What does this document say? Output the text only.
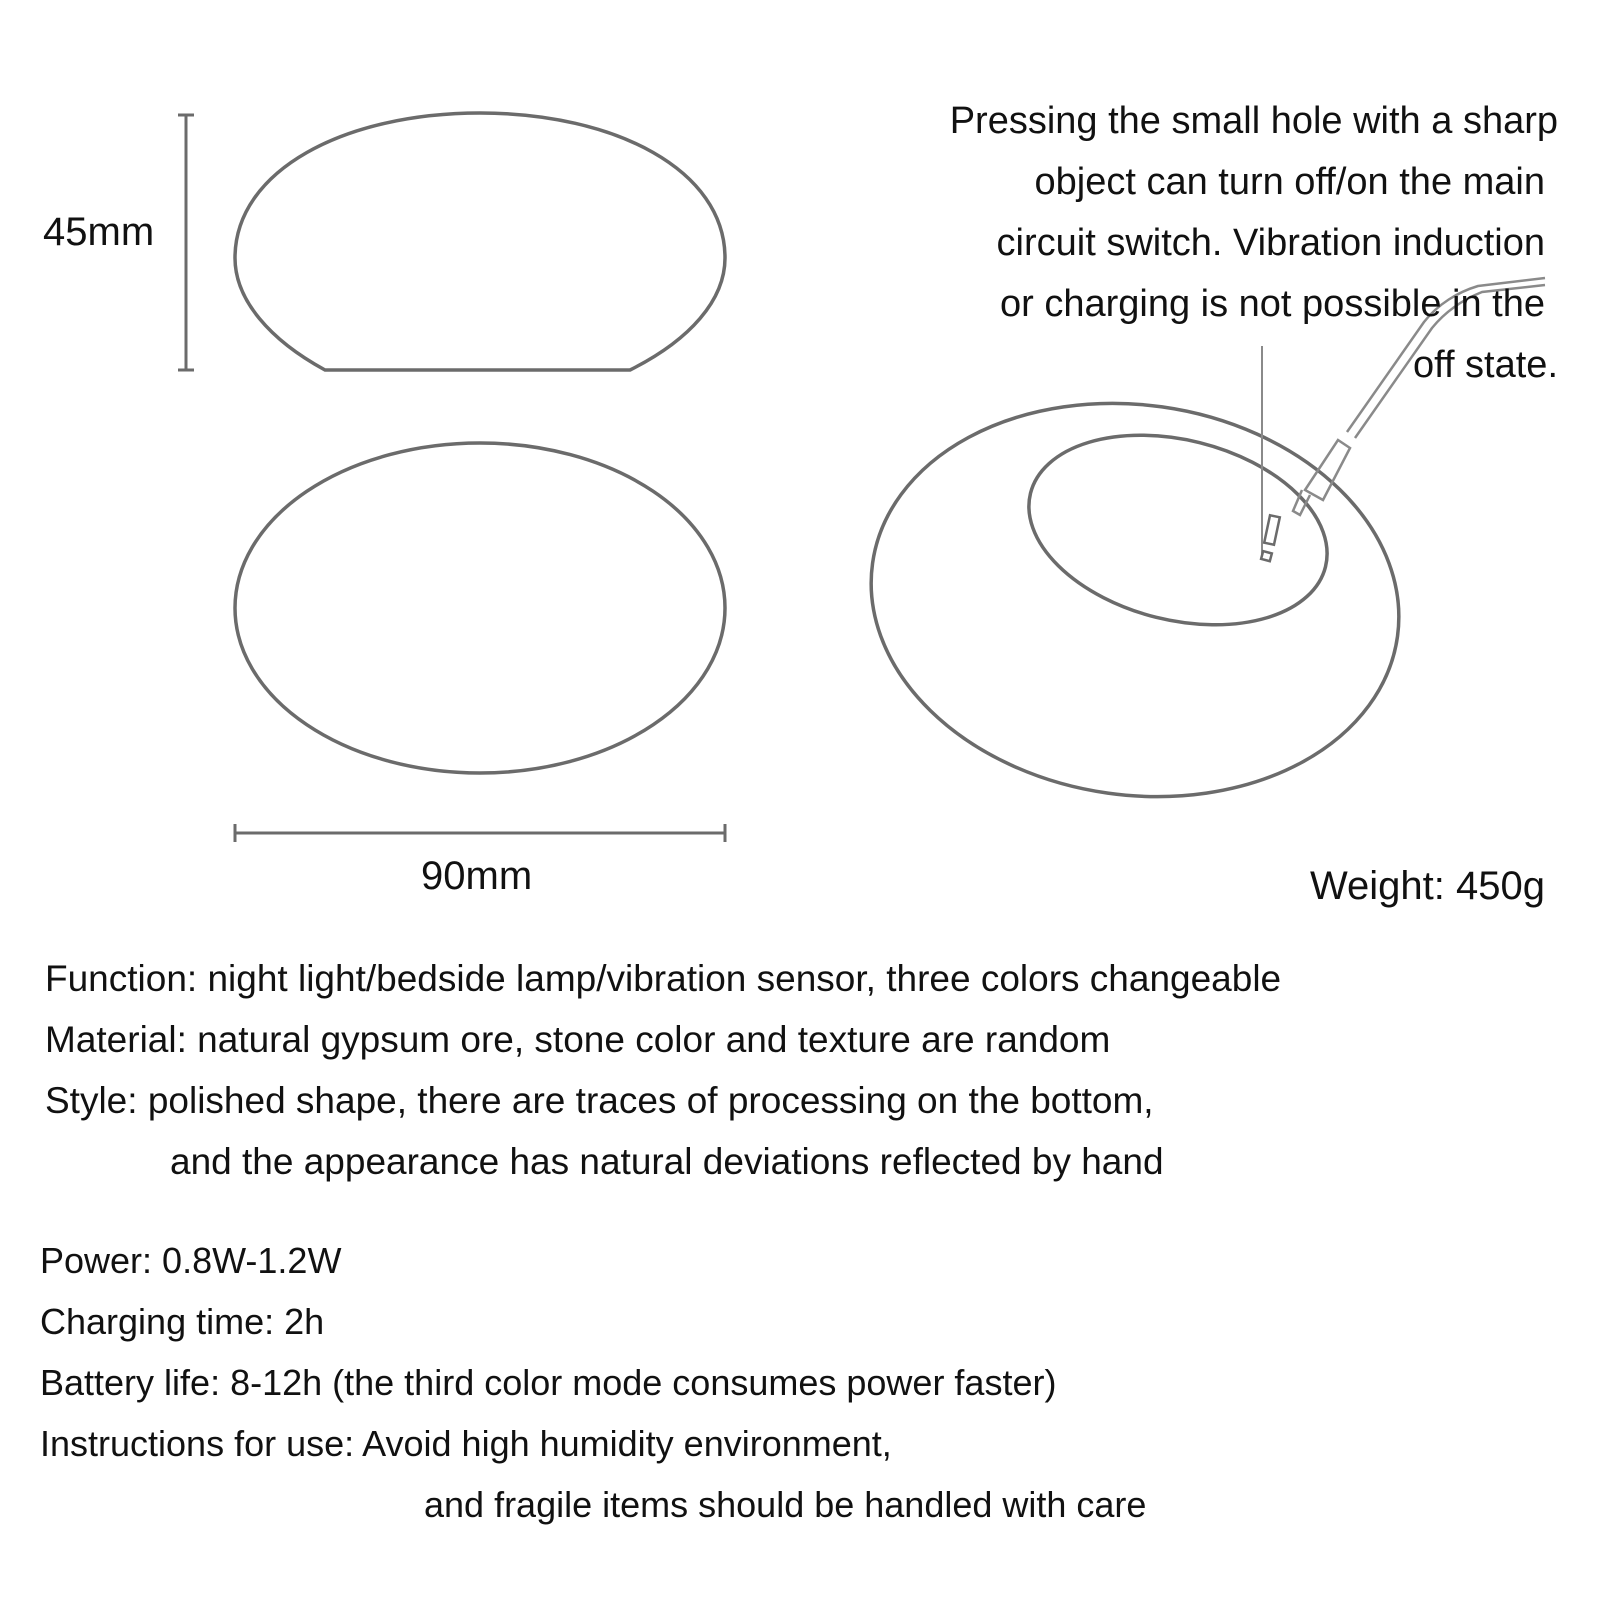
45mm
90mm
Pressing the small hole with a sharp
object can turn off/on the main
circuit switch. Vibration induction
or charging is not possible in the
off state.
Weight: 450g
Function: night light/bedside lamp/vibration sensor, three colors changeable
Material: natural gypsum ore, stone color and texture are random
Style: polished shape, there are traces of processing on the bottom,
and the appearance has natural deviations reflected by hand
Power: 0.8W-1.2W
Charging time: 2h
Battery life: 8-12h (the third color mode consumes power faster)
Instructions for use: Avoid high humidity environment,
and fragile items should be handled with care
